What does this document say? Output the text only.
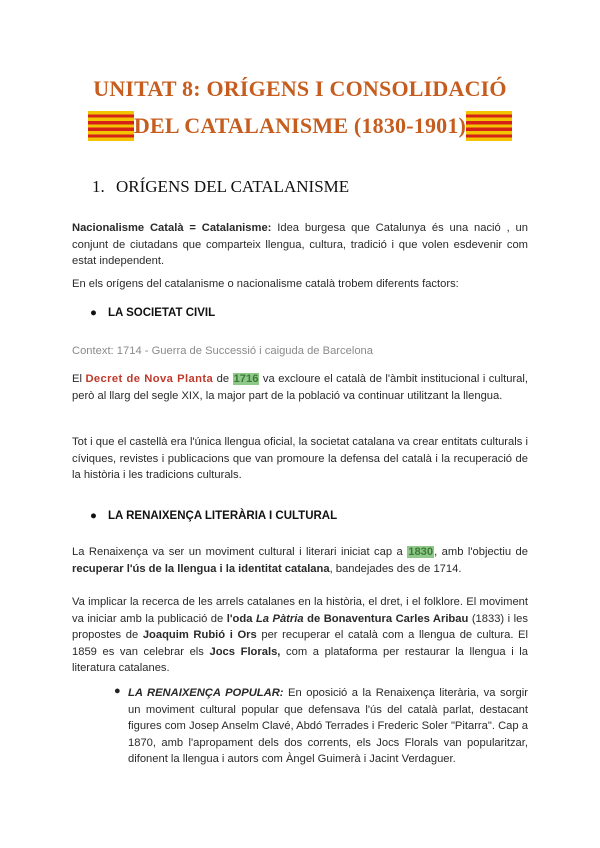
UNITAT 8: ORÍGENS I CONSOLIDACIÓ
DEL CATALANISME (1830-1901)
1. ORÍGENS DEL CATALANISME
Nacionalisme Català = Catalanisme: Idea burgesa que Catalunya és una nació , un conjunt de ciutadans que comparteix llengua, cultura, tradició i que volen esdevenir com estat independent.
En els orígens del catalanisme o nacionalisme català trobem diferents factors:
● LA SOCIETAT CIVIL
Context: 1714 - Guerra de Successió i caiguda de Barcelona
El Decret de Nova Planta de 1716 va excloure el català de l'àmbit institucional i cultural, però al llarg del segle XIX, la major part de la població va continuar utilitzant la llengua.
Tot i que el castellà era l'única llengua oficial, la societat catalana va crear entitats culturals i cíviques, revistes i publicacions que van promoure la defensa del català i la recuperació de la història i les tradicions culturals.
● LA RENAIXENÇA LITERÀRIA I CULTURAL
La Renaixença va ser un moviment cultural i literari iniciat cap a 1830, amb l'objectiu de recuperar l'ús de la llengua i la identitat catalana, bandejades des de 1714.
Va implicar la recerca de les arrels catalanes en la història, el dret, i el folklore. El moviment va iniciar amb la publicació de l'oda La Pàtria de Bonaventura Carles Aribau (1833) i les propostes de Joaquim Rubió i Ors per recuperar el català com a llengua de cultura. El 1859 es van celebrar els Jocs Florals, com a plataforma per restaurar la llengua i la literatura catalanes.
● LA RENAIXENÇA POPULAR: En oposició a la Renaixença literària, va sorgir un moviment cultural popular que defensava l'ús del català parlat, destacant figures com Josep Anselm Clavé, Abdó Terrades i Frederic Soler "Pitarra". Cap a 1870, amb l'apropament dels dos corrents, els Jocs Florals van popularitzar, difonent la llengua i autors com Àngel Guimerà i Jacint Verdaguer.
